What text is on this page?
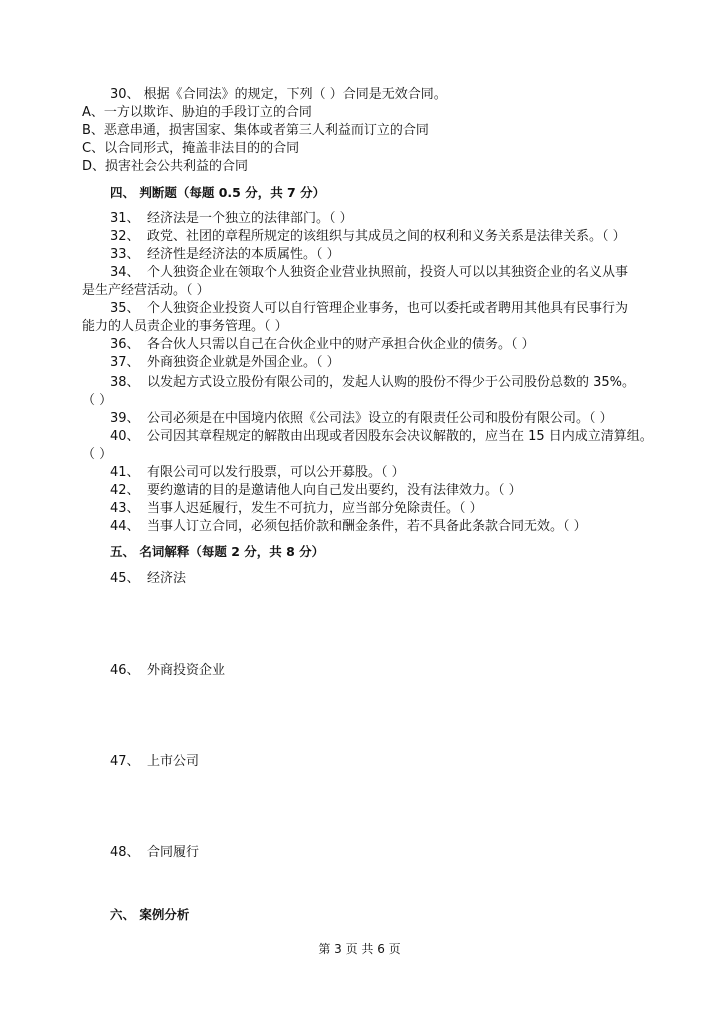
30、 根据《合同法》的规定，下列（ ）合同是无效合同。
A、一方以欺诈、胁迫的手段订立的合同
B、恶意串通，损害国家、集体或者第三人利益而订立的合同
C、以合同形式，掩盖非法目的的合同
D、损害社会公共利益的合同
四、 判断题（每题 0.5 分，共 7 分）
31、 经济法是一个独立的法律部门。（ ）
32、 政党、社团的章程所规定的该组织与其成员之间的权利和义务关系是法律关系。（ ）
33、 经济性是经济法的本质属性。（ ）
34、 个人独资企业在领取个人独资企业营业执照前，投资人可以以其独资企业的名义从事
是生产经营活动。（ ）
35、 个人独资企业投资人可以自行管理企业事务，也可以委托或者聘用其他具有民事行为
能力的人员责企业的事务管理。（ ）
36、 各合伙人只需以自己在合伙企业中的财产承担合伙企业的债务。（ ）
37、 外商独资企业就是外国企业。（ ）
38、 以发起方式设立股份有限公司的，发起人认购的股份不得少于公司股份总数的 35%。
（ ）
39、 公司必须是在中国境内依照《公司法》设立的有限责任公司和股份有限公司。（ ）
40、 公司因其章程规定的解散由出现或者因股东会决议解散的，应当在 15 日内成立清算组。
（ ）
41、 有限公司可以发行股票，可以公开募股。（ ）
42、 要约邀请的目的是邀请他人向自己发出要约，没有法律效力。（ ）
43、 当事人迟延履行，发生不可抗力，应当部分免除责任。（ ）
44、 当事人订立合同，必须包括价款和酬金条件，若不具备此条款合同无效。（ ）
五、 名词解释（每题 2 分，共 8 分）
45、 经济法
46、 外商投资企业
47、 上市公司
48、 合同履行
六、 案例分析
第 3 页 共 6 页
